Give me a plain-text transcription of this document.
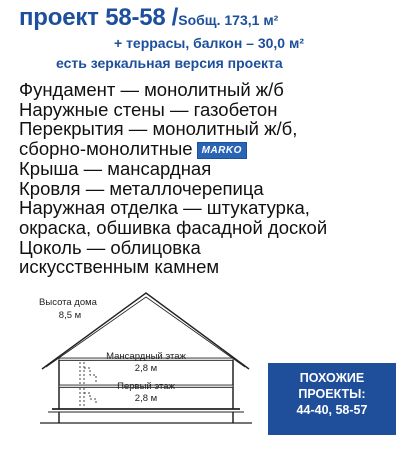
проект 58-58 /Sобщ. 173,1 м²
+ террасы, балкон – 30,0 м²
есть зеркальная версия проекта
Фундамент — монолитный ж/б
Наружные стены — газобетон
Перекрытия — монолитный ж/б,
сборно-монолитные MARKO
Крыша — мансардная
Кровля — металлочерепица
Наружная отделка — штукатурка,
окраска, обшивка фасадной доской
Цоколь — облицовка
искусственным камнем
Высота дома
8,5 м
Мансардный этаж
2,8 м
Первый этаж
2,8 м
ПОХОЖИЕ
ПРОЕКТЫ:
44-40, 58-57
